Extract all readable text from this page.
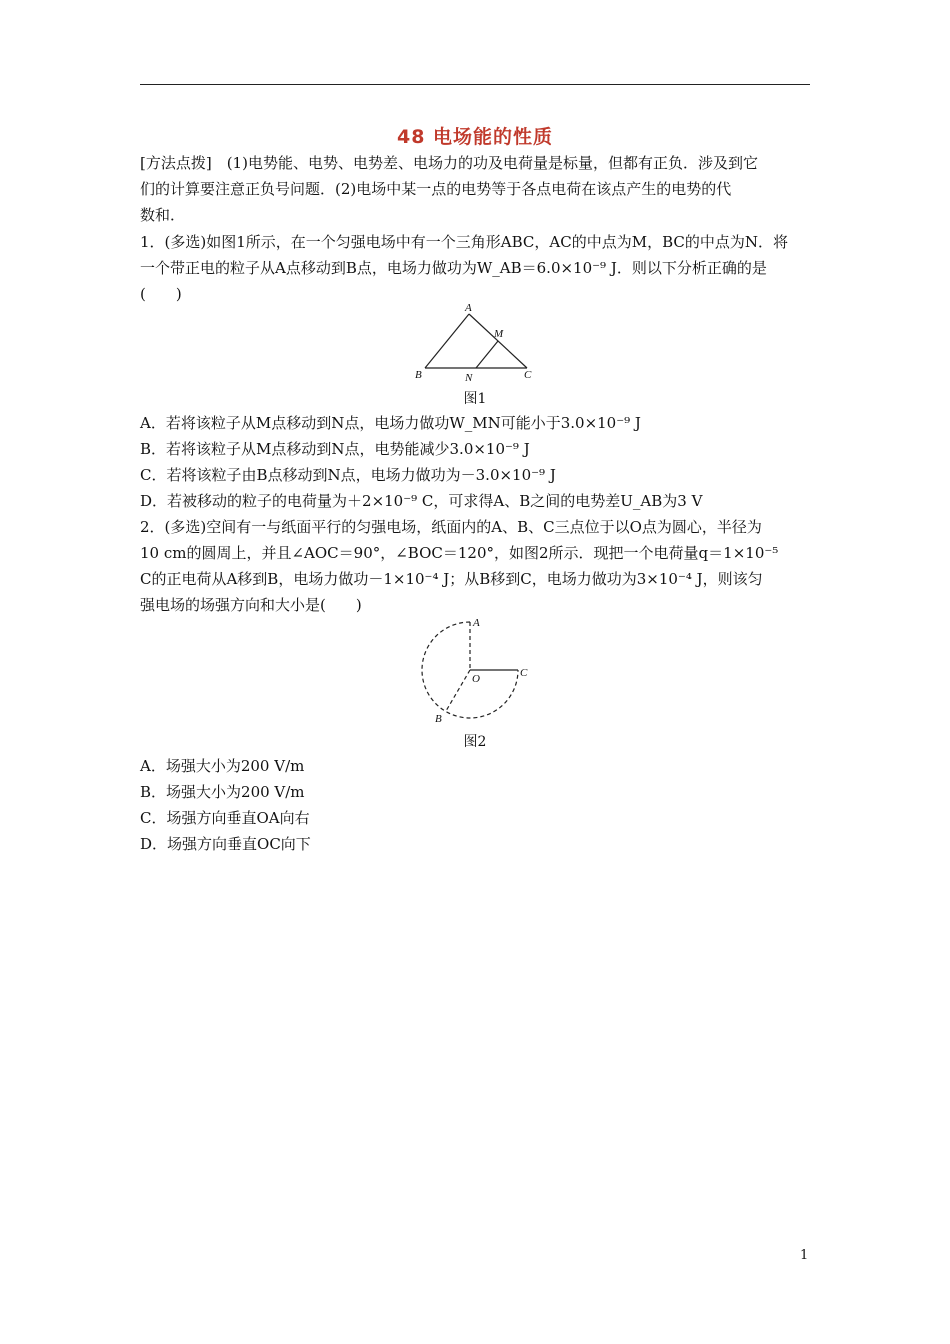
48 电场能的性质
[方法点拨]　(1)电势能、电势、电势差、电场力的功及电荷量是标量，但都有正负．涉及到它
们的计算要注意正负号问题．(2)电场中某一点的电势等于各点电荷在该点产生的电势的代
数和．
1．(多选)如图1所示，在一个匀强电场中有一个三角形ABC，AC的中点为M，BC的中点为N．将
一个带正电的粒子从A点移动到B点，电场力做功为W_AB＝6.0×10⁻⁹ J．则以下分析正确的是
(　　)
A
M
B	N	C
图1
A．若将该粒子从M点移动到N点，电场力做功W_MN可能小于3.0×10⁻⁹ J
B．若将该粒子从M点移动到N点，电势能减少3.0×10⁻⁹ J
C．若将该粒子由B点移动到N点，电场力做功为－3.0×10⁻⁹ J
D．若被移动的粒子的电荷量为＋2×10⁻⁹ C，可求得A、B之间的电势差U_AB为3 V
2．(多选)空间有一与纸面平行的匀强电场，纸面内的A、B、C三点位于以O点为圆心，半径为
10 cm的圆周上，并且∠AOC＝90°，∠BOC＝120°，如图2所示．现把一个电荷量q＝1×10⁻⁵
C的正电荷从A移到B，电场力做功－1×10⁻⁴ J；从B移到C，电场力做功为3×10⁻⁴ J，则该匀
强电场的场强方向和大小是(　　)
A
C
O
B
图2
A．场强大小为200 V/m
B．场强大小为200 V/m
C．场强方向垂直OA向右
D．场强方向垂直OC向下
1
